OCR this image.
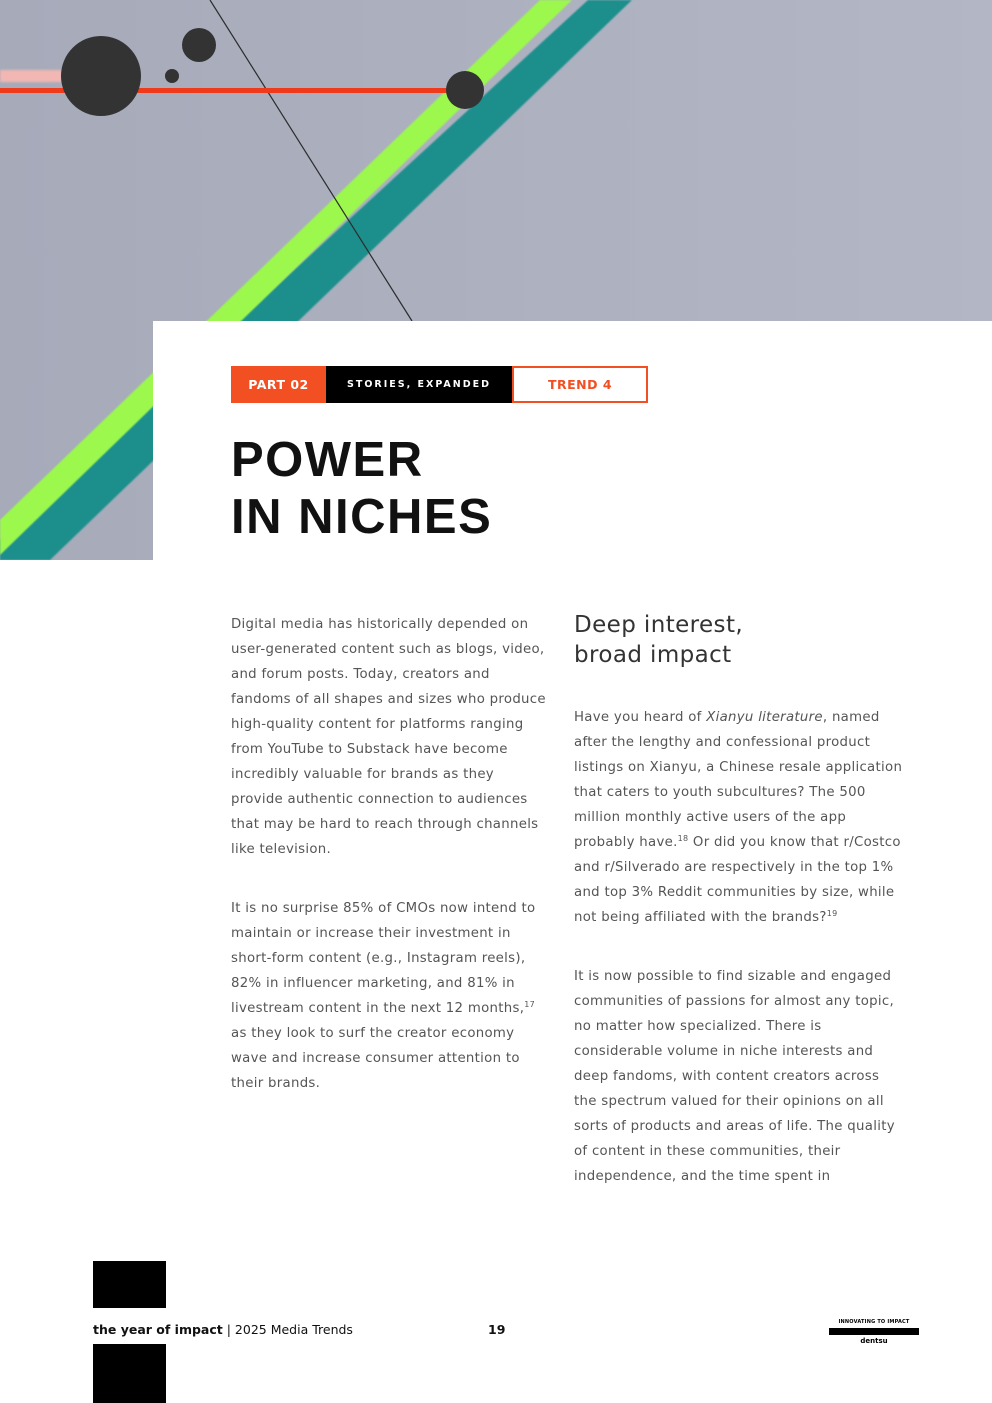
PART 02	STORIES, EXPANDED	TREND 4
POWER
IN NICHES

Digital media has historically depended on user-generated content such as blogs, video, and forum posts. Today, creators and fandoms of all shapes and sizes who produce high-quality content for platforms ranging from YouTube to Substack have become incredibly valuable for brands as they provide authentic connection to audiences that may be hard to reach through channels like television.

It is no surprise 85% of CMOs now intend to maintain or increase their investment in short-form content (e.g., Instagram reels), 82% in influencer marketing, and 81% in livestream content in the next 12 months,$^{17}$ as they look to surf the creator economy wave and increase consumer attention to their brands.

Deep interest,
broad impact

Have you heard of Xianyu literature, named after the lengthy and confessional product listings on Xianyu, a Chinese resale application that caters to youth subcultures? The 500 million monthly active users of the app probably have.$^{18}$ Or did you know that r/Costco and r/Silverado are respectively in the top 1% and top 3% Reddit communities by size, while not being affiliated with the brands?$^{19}$

It is now possible to find sizable and engaged communities of passions for almost any topic, no matter how specialized. There is considerable volume in niche interests and deep fandoms, with content creators across the spectrum valued for their opinions on all sorts of products and areas of life. The quality of content in these communities, their independence, and the time spent in

the year of impact | 2025 Media Trends	19	INNOVATING TO IMPACT
dentsu
